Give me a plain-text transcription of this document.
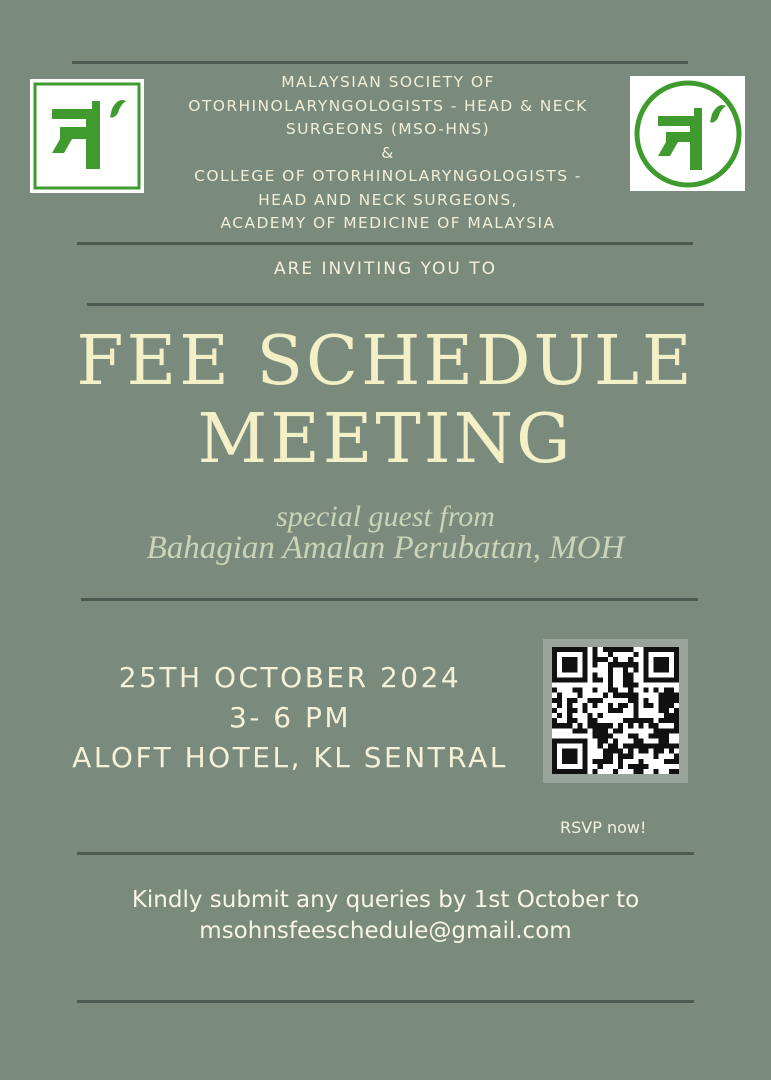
MALAYSIAN SOCIETY OF
OTORHINOLARYNGOLOGISTS - HEAD & NECK
SURGEONS (MSO-HNS)
&
COLLEGE OF OTORHINOLARYNGOLOGISTS -
HEAD AND NECK SURGEONS,
ACADEMY OF MEDICINE OF MALAYSIA
ARE INVITING YOU TO
FEE SCHEDULE
MEETING
special guest from
Bahagian Amalan Perubatan, MOH
25TH OCTOBER 2024
3- 6 PM
ALOFT HOTEL, KL SENTRAL
RSVP now!
Kindly submit any queries by 1st October to
msohnsfeeschedule@gmail.com
